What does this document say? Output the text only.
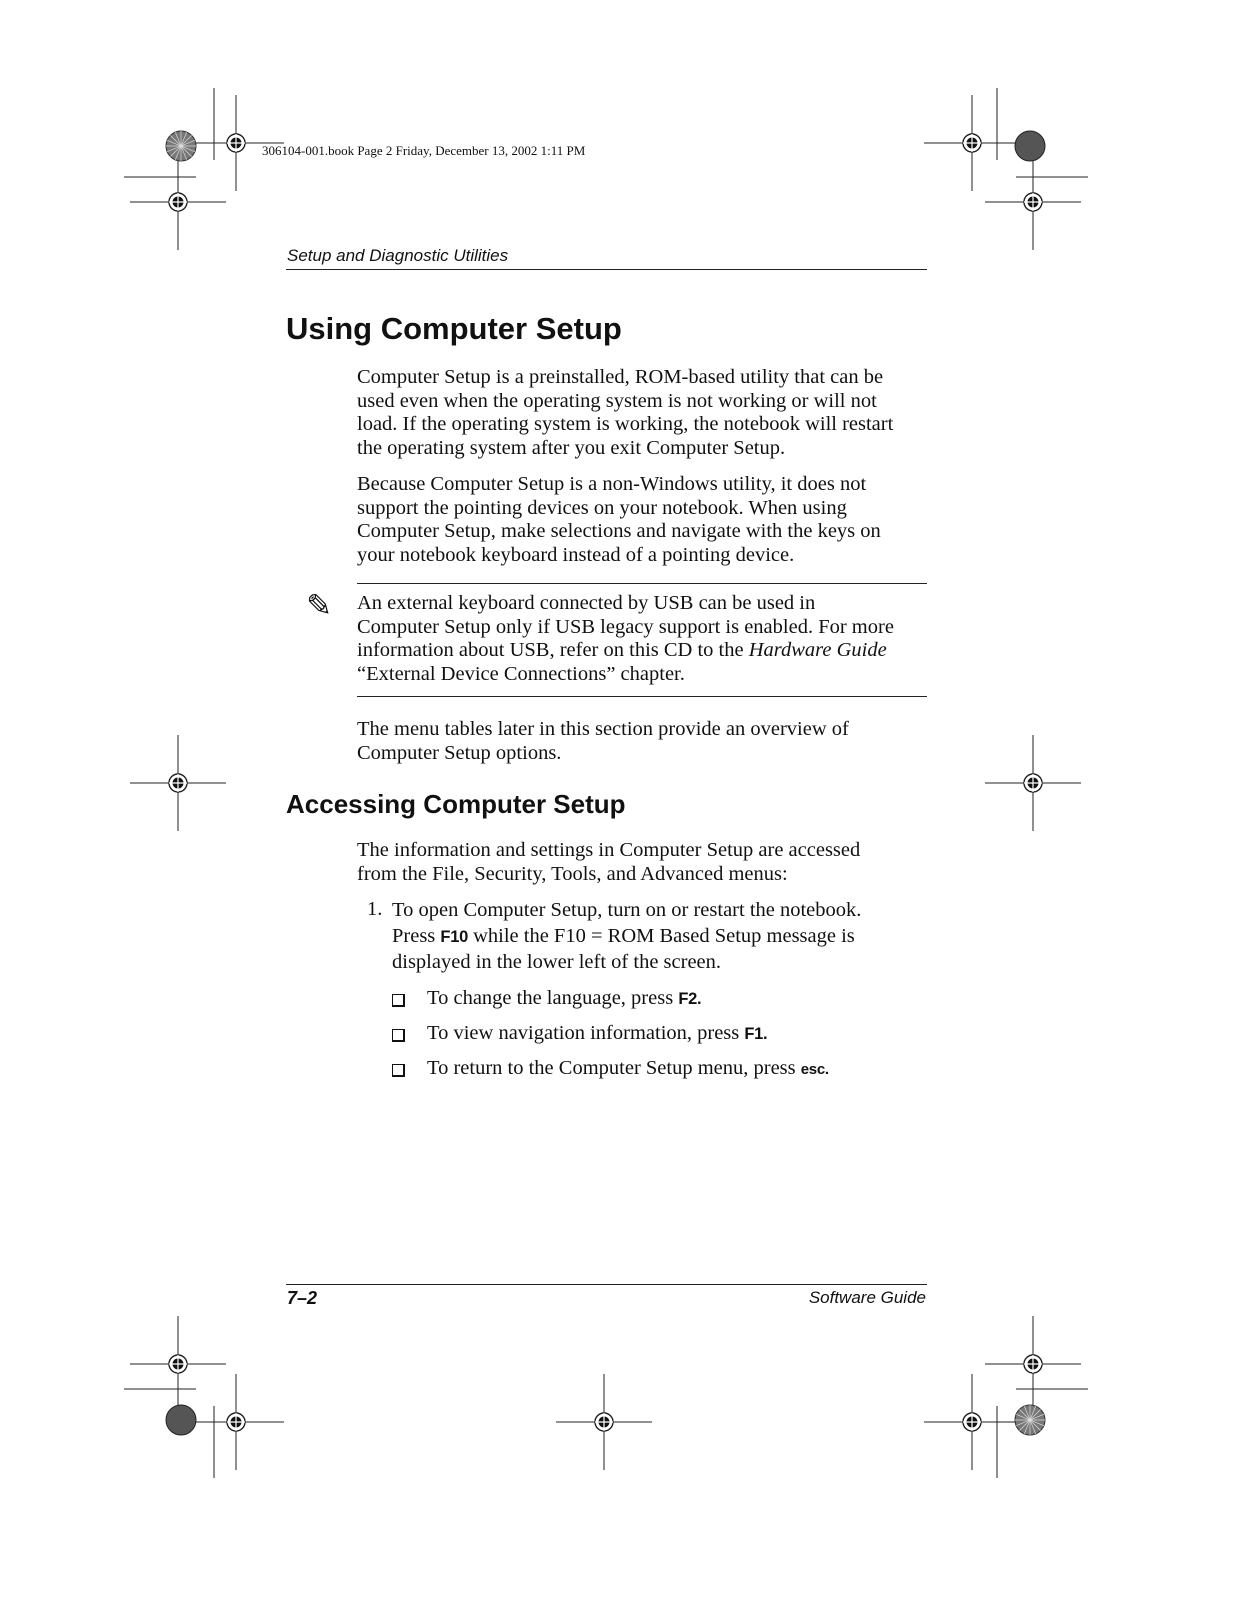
306104-001.book Page 2 Friday, December 13, 2002 1:11 PM
Setup and Diagnostic Utilities
Using Computer Setup

Computer Setup is a preinstalled, ROM-based utility that can be

used even when the operating system is not working or will not

load. If the operating system is working, the notebook will restart

the operating system after you exit Computer Setup.

Because Computer Setup is a non-Windows utility, it does not

support the pointing devices on your notebook. When using

Computer Setup, make selections and navigate with the keys on

your notebook keyboard instead of a pointing device.

✎ An external keyboard connected by USB can be used in

Computer Setup only if USB legacy support is enabled. For more

information about USB, refer on this CD to the Hardware Guide

“External Device Connections” chapter.

The menu tables later in this section provide an overview of

Computer Setup options.

Accessing Computer Setup

The information and settings in Computer Setup are accessed

from the File, Security, Tools, and Advanced menus:

1. To open Computer Setup, turn on or restart the notebook.

Press F10 while the F10 = ROM Based Setup message is

displayed in the lower left of the screen.

To change the language, press F2.
To view navigation information, press F1.
To return to the Computer Setup menu, press esc.
7–2	Software Guide
